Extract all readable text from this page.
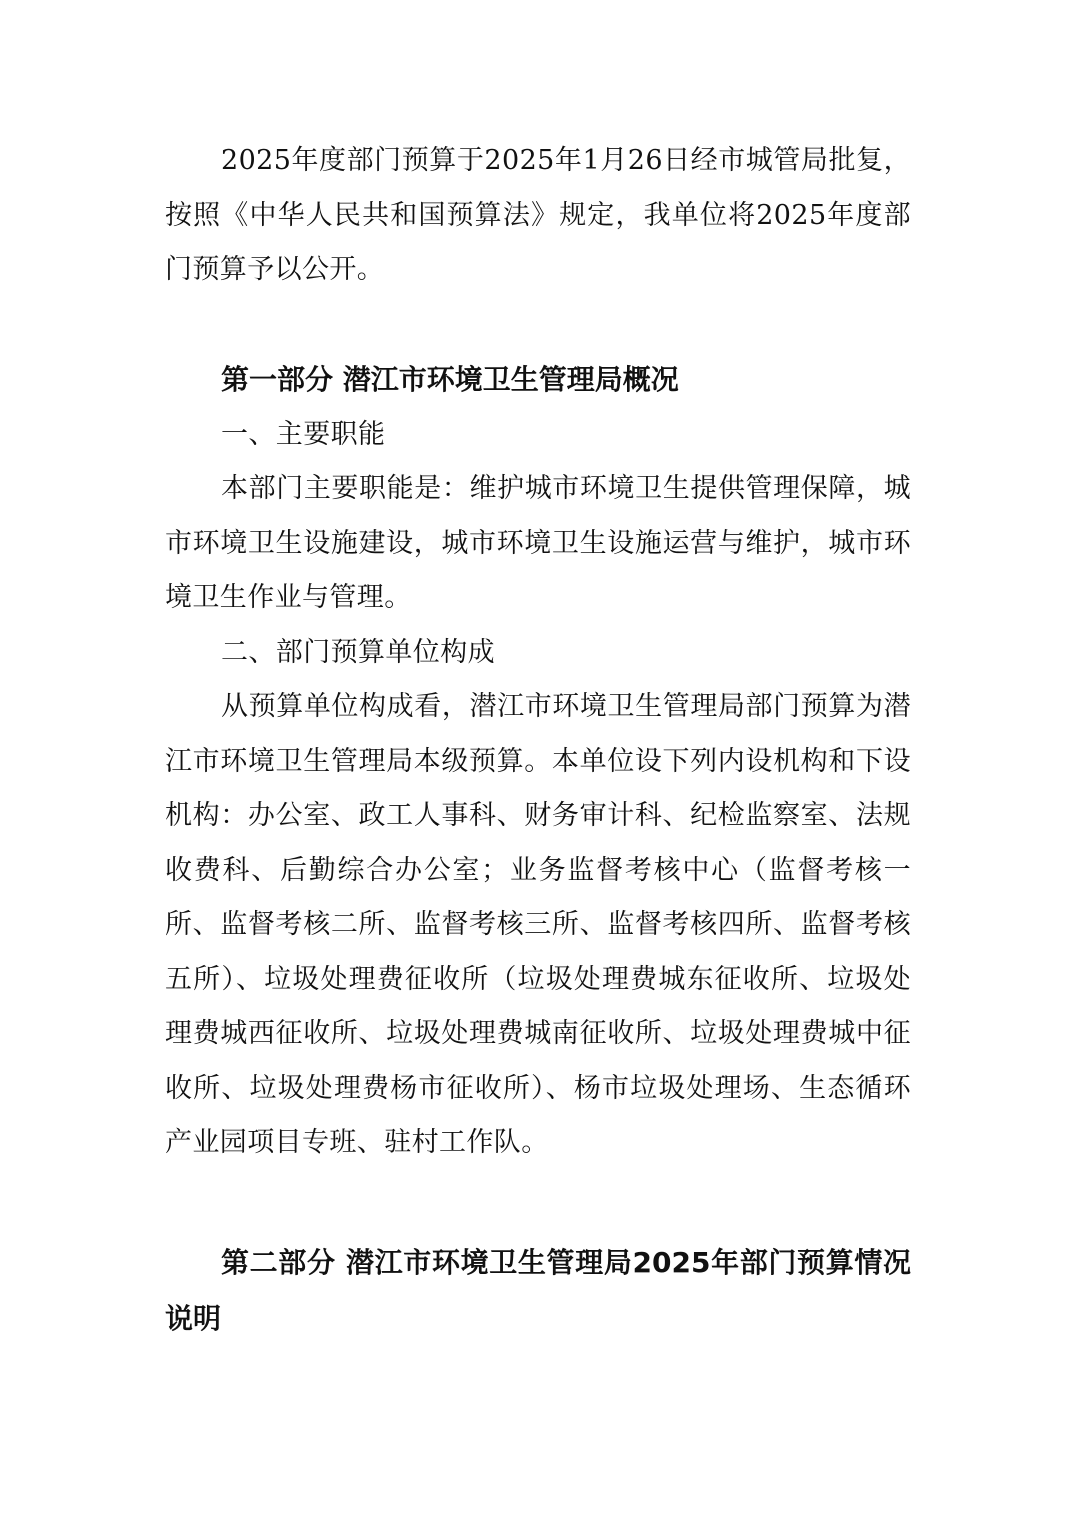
2025年度部门预算于2025年1月26日经市城管局批复，按照《中华人民共和国预算法》规定，我单位将2025年度部门预算予以公开。

第一部分 潜江市环境卫生管理局概况

一、主要职能

本部门主要职能是：维护城市环境卫生提供管理保障，城市环境卫生设施建设，城市环境卫生设施运营与维护，城市环境卫生作业与管理。

二、部门预算单位构成

从预算单位构成看，潜江市环境卫生管理局部门预算为潜江市环境卫生管理局本级预算。本单位设下列内设机构和下设机构：办公室、政工人事科、财务审计科、纪检监察室、法规收费科、后勤综合办公室；业务监督考核中心（监督考核一所、监督考核二所、监督考核三所、监督考核四所、监督考核五所）、垃圾处理费征收所（垃圾处理费城东征收所、垃圾处理费城西征收所、垃圾处理费城南征收所、垃圾处理费城中征收所、垃圾处理费杨市征收所）、杨市垃圾处理场、生态循环产业园项目专班、驻村工作队。

第二部分 潜江市环境卫生管理局2025年部门预算情况说明
